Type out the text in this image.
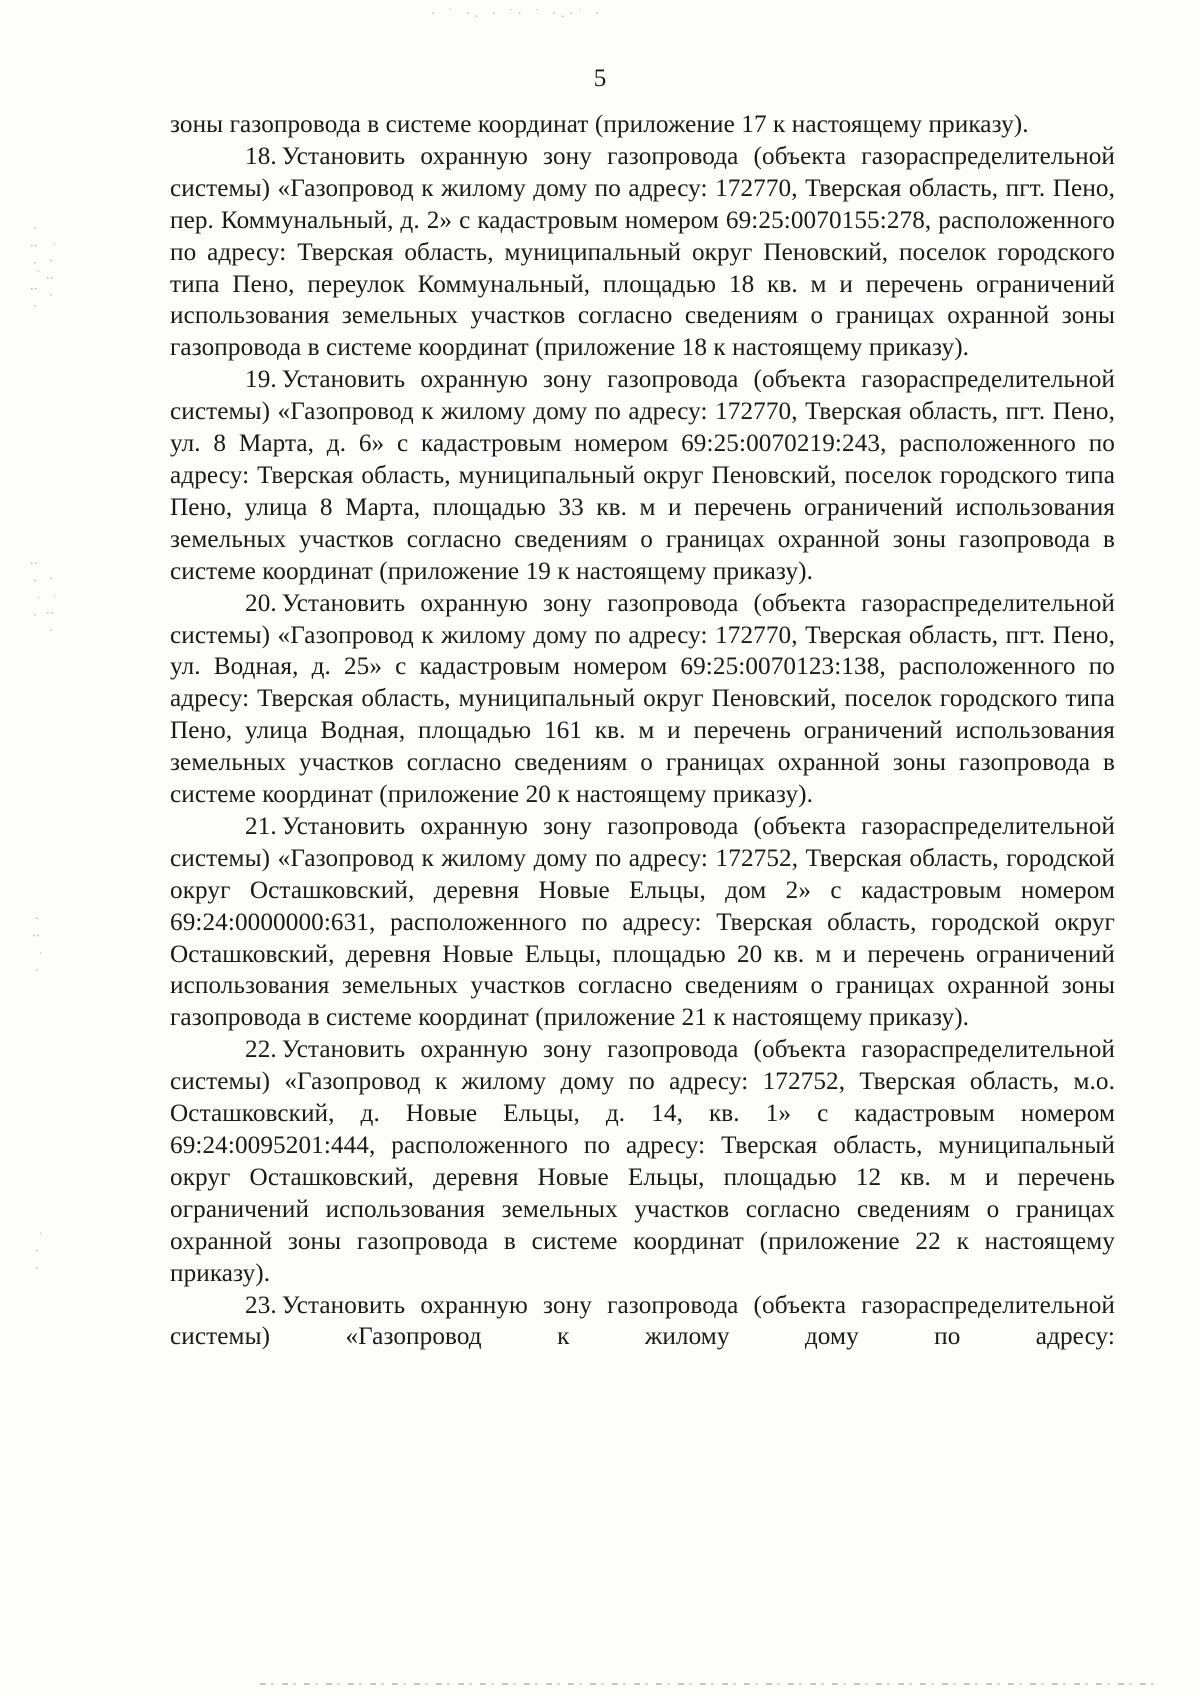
· ˙ ·. · ˙· ˙ ·.·˙ ·
· : ·˙ : · ˙ · : ·
: · ˙ · · ˙ : ·
· : ˙ ·
˙ · ·
5

зоны газопровода в системе координат (приложение 17 к настоящему приказу).

18. Установить охранную зону газопровода (объекта газораспределительной системы) «Газопровод к жилому дому по адресу: 172770, Тверская область, пгт. Пено, пер. Коммунальный, д. 2» с кадастровым номером 69:25:0070155:278, расположенного по адресу: Тверская область, муниципальный округ Пеновский, поселок городского типа Пено, переулок Коммунальный, площадью 18 кв. м и перечень ограничений использования земельных участков согласно сведениям о границах охранной зоны газопровода в системе координат (приложение 18 к настоящему приказу).

19. Установить охранную зону газопровода (объекта газораспределительной системы) «Газопровод к жилому дому по адресу: 172770, Тверская область, пгт. Пено, ул. 8 Марта, д. 6» с кадастровым номером 69:25:0070219:243, расположенного по адресу: Тверская область, муниципальный округ Пеновский, поселок городского типа Пено, улица 8 Марта, площадью 33 кв. м и перечень ограничений использования земельных участков согласно сведениям о границах охранной зоны газопровода в системе координат (приложение 19 к настоящему приказу).

20. Установить охранную зону газопровода (объекта газораспределительной системы) «Газопровод к жилому дому по адресу: 172770, Тверская область, пгт. Пено, ул. Водная, д. 25» с кадастровым номером 69:25:0070123:138, расположенного по адресу: Тверская область, муниципальный округ Пеновский, поселок городского типа Пено, улица Водная, площадью 161 кв. м и перечень ограничений использования земельных участков согласно сведениям о границах охранной зоны газопровода в системе координат (приложение 20 к настоящему приказу).

21. Установить охранную зону газопровода (объекта газораспределительной системы) «Газопровод к жилому дому по адресу: 172752, Тверская область, городской округ Осташковский, деревня Новые Ельцы, дом 2» с кадастровым номером 69:24:0000000:631, расположенного по адресу: Тверская область, городской округ Осташковский, деревня Новые Ельцы, площадью 20 кв. м и перечень ограничений использования земельных участков согласно сведениям о границах охранной зоны газопровода в системе координат (приложение 21 к настоящему приказу).

22. Установить охранную зону газопровода (объекта газораспределительной системы) «Газопровод к жилому дому по адресу: 172752, Тверская область, м.о. Осташковский, д. Новые Ельцы, д. 14, кв. 1» с кадастровым номером 69:24:0095201:444, расположенного по адресу: Тверская область, муниципальный округ Осташковский, деревня Новые Ельцы, площадью 12 кв. м и перечень ограничений использования земельных участков согласно сведениям о границах охранной зоны газопровода в системе координат (приложение 22 к настоящему приказу).

23. Установить охранную зону газопровода (объекта газораспределительной системы) «Газопровод к жилому дому по адресу:
